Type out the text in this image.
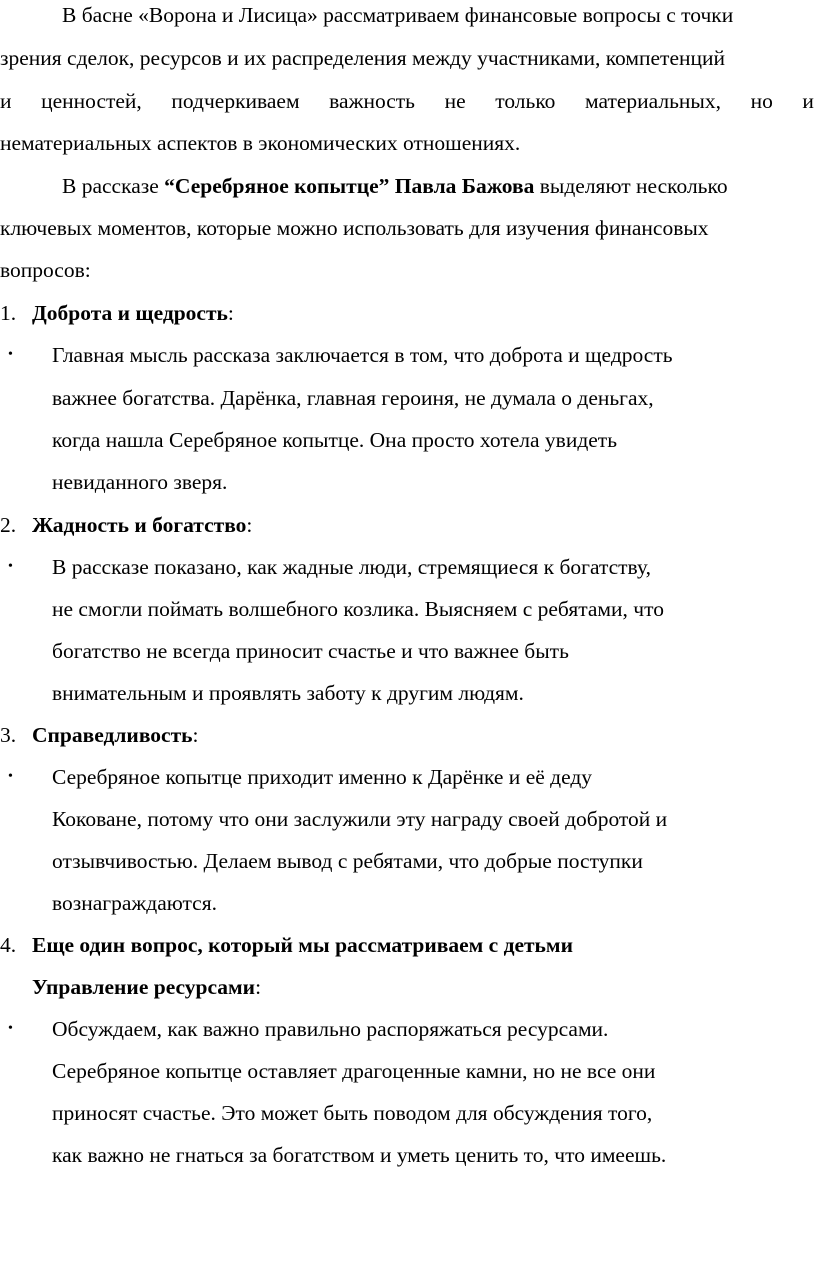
В басне «Ворона и Лисица» рассматриваем финансовые вопросы с точки
зрения сделок, ресурсов и их распределения между участниками, компетенций
и ценностей, подчеркиваем важность не только материальных, но и
нематериальных аспектов в экономических отношениях.
В рассказе “Серебряное копытце” Павла Бажова выделяют несколько
ключевых моментов, которые можно использовать для изучения финансовых
вопросов:
1. Доброта и щедрость:
• Главная мысль рассказа заключается в том, что доброта и щедрость
важнее богатства. Дарёнка, главная героиня, не думала о деньгах,
когда нашла Серебряное копытце. Она просто хотела увидеть
невиданного зверя.
2. Жадность и богатство:
• В рассказе показано, как жадные люди, стремящиеся к богатству,
не смогли поймать волшебного козлика. Выясняем с ребятами, что
богатство не всегда приносит счастье и что важнее быть
внимательным и проявлять заботу к другим людям.
3. Справедливость:
• Серебряное копытце приходит именно к Дарёнке и её деду
Коковане, потому что они заслужили эту награду своей добротой и
отзывчивостью. Делаем вывод с ребятами, что добрые поступки
вознаграждаются.
4. Еще один вопрос, который мы рассматриваем с детьми
Управление ресурсами:
• Обсуждаем, как важно правильно распоряжаться ресурсами.
Серебряное копытце оставляет драгоценные камни, но не все они
приносят счастье. Это может быть поводом для обсуждения того,
как важно не гнаться за богатством и уметь ценить то, что имеешь.
